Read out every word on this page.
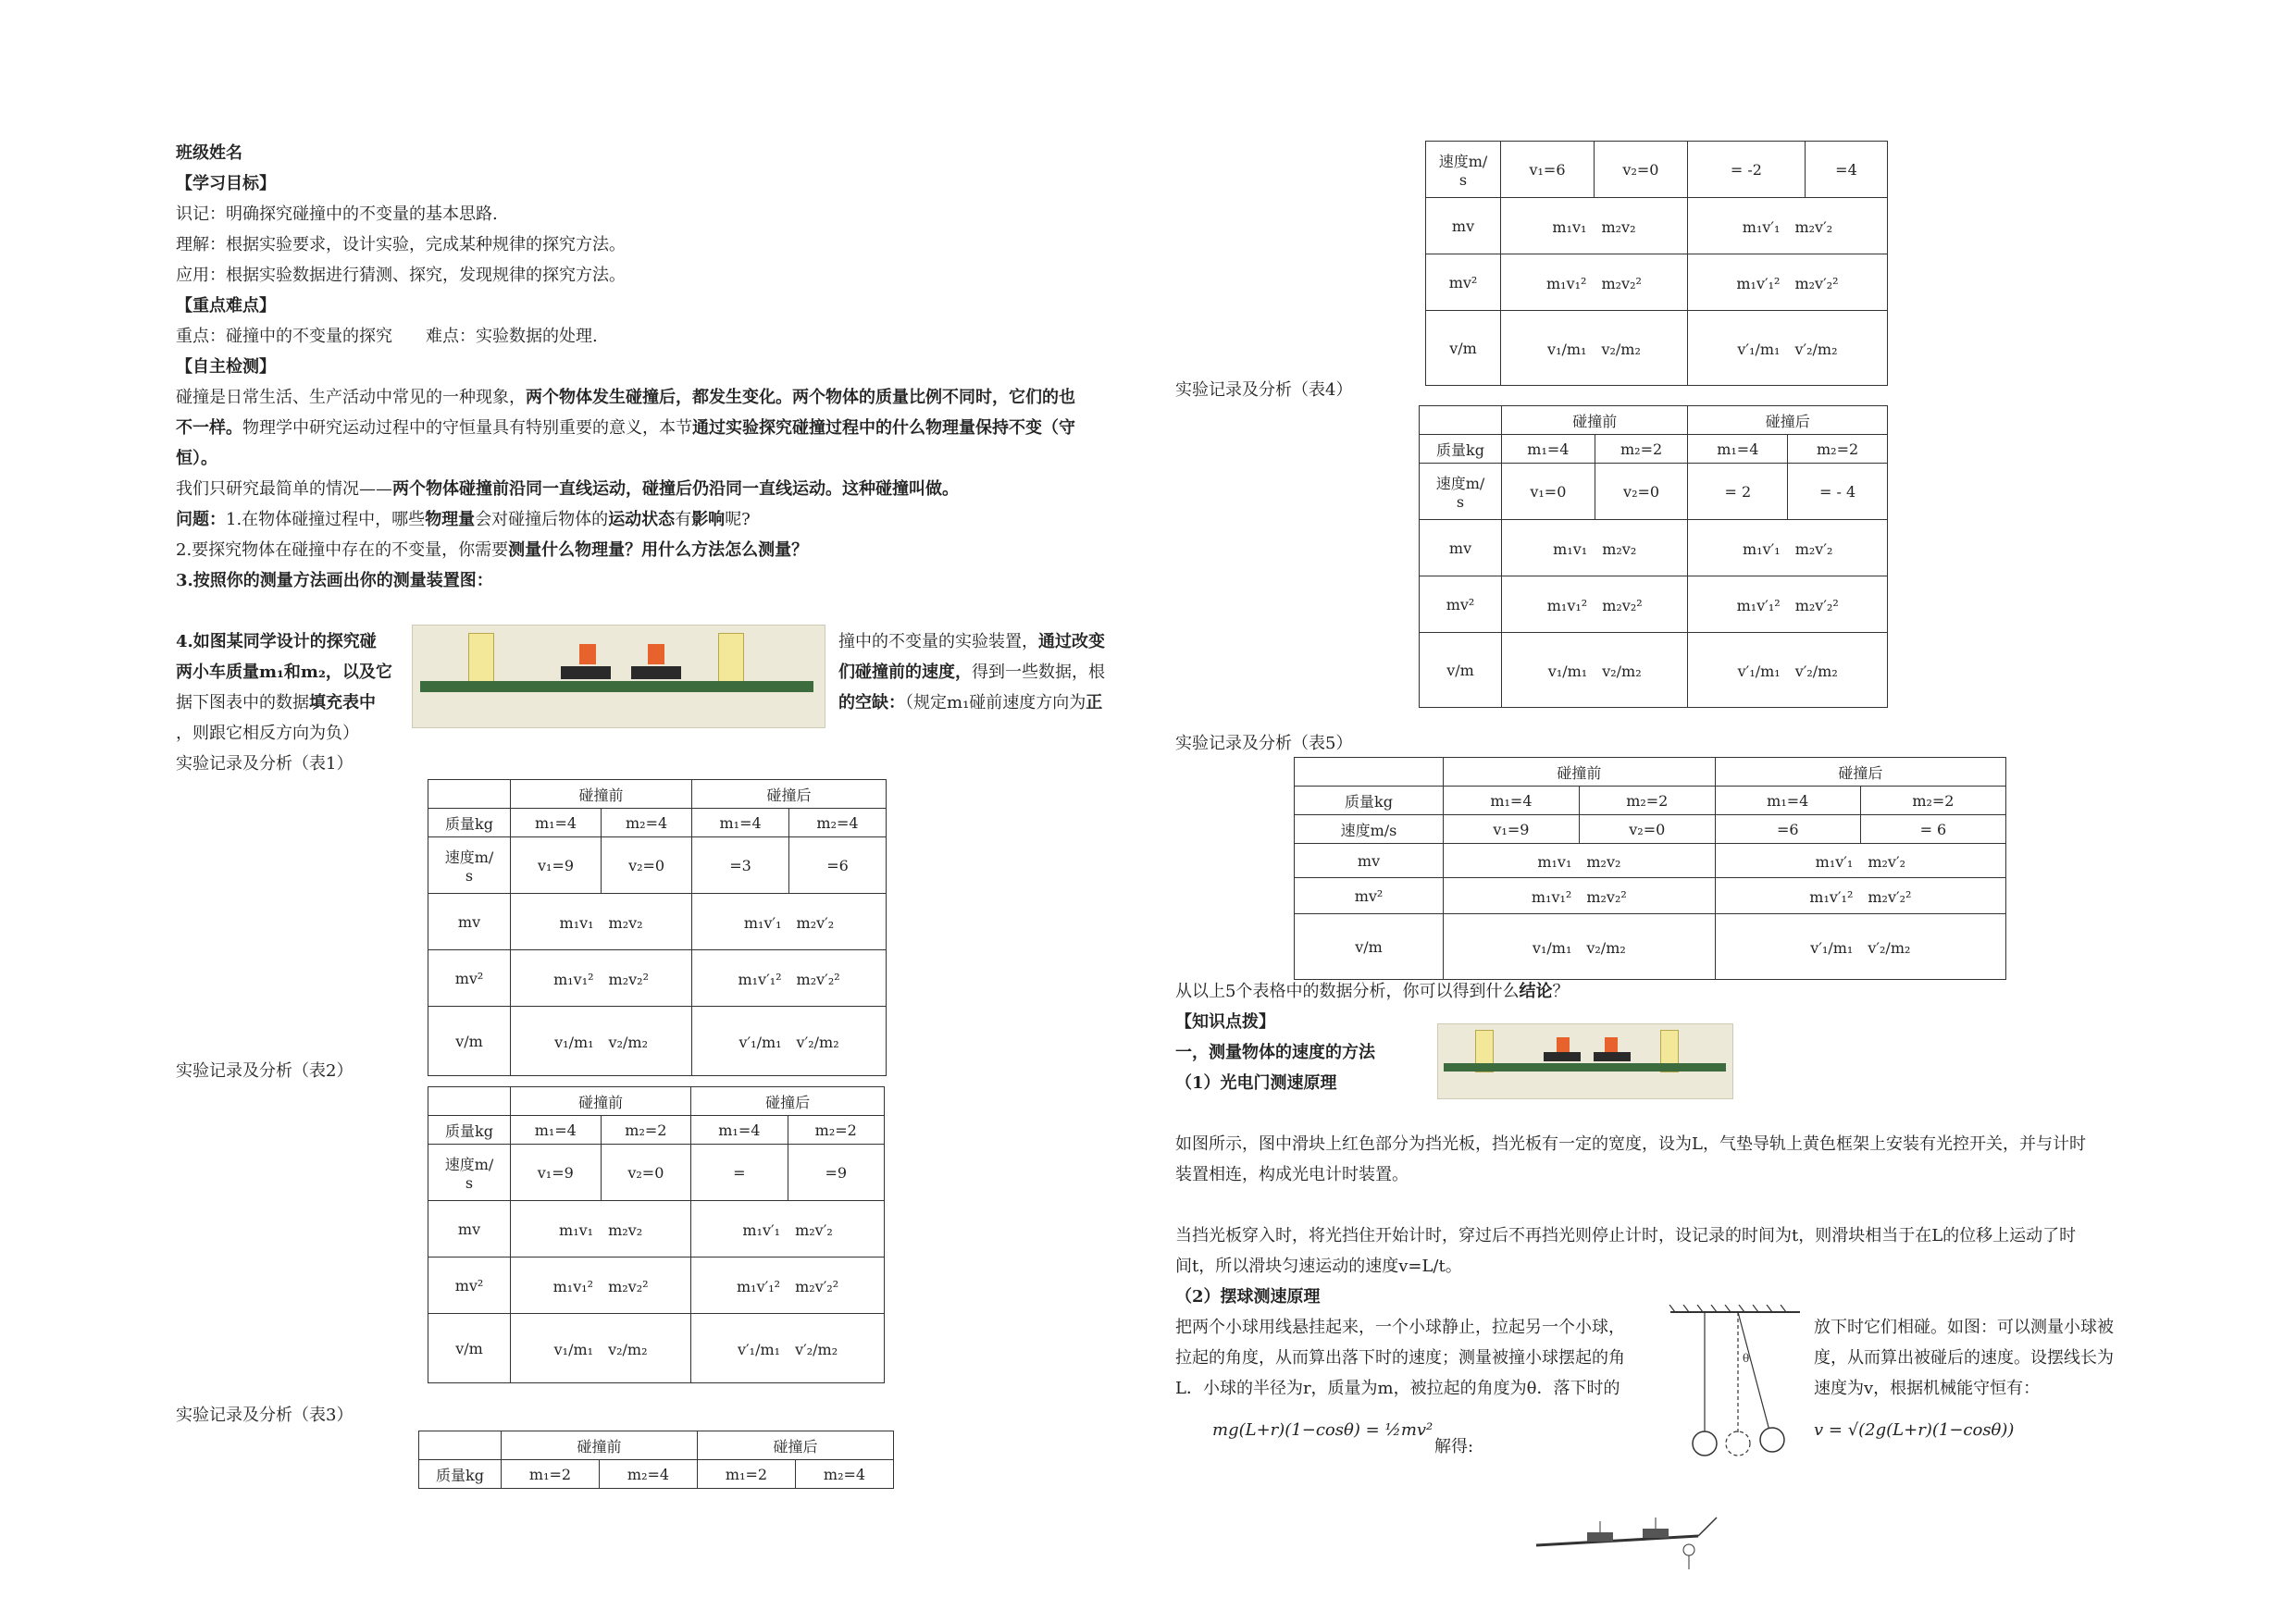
班级姓名
【学习目标】
识记：明确探究碰撞中的不变量的基本思路.
理解：根据实验要求，设计实验，完成某种规律的探究方法。
应用：根据实验数据进行猜测、探究，发现规律的探究方法。
【重点难点】
重点：碰撞中的不变量的探究　　难点：实验数据的处理.
【自主检测】
碰撞是日常生活、生产活动中常见的一种现象，两个物体发生碰撞后，都发生变化。两个物体的质量比例不同时，它们的也
不一样。物理学中研究运动过程中的守恒量具有特别重要的意义，本节通过实验探究碰撞过程中的什么物理量保持不变（守
恒）。
我们只研究最简单的情况——两个物体碰撞前沿同一直线运动，碰撞后仍沿同一直线运动。这种碰撞叫做。
问题：1.在物体碰撞过程中，哪些物理量会对碰撞后物体的运动状态有影响呢?
2.要探究物体在碰撞中存在的不变量，你需要测量什么物理量？用什么方法怎么测量？
3.按照你的测量方法画出你的测量装置图：
4.如图某同学设计的探究碰
两小车质量m₁和m₂，以及它
据下图表中的数据填充表中
，则跟它相反方向为负）
撞中的不变量的实验装置，通过改变
们碰撞前的速度，得到一些数据，根
的空缺：（规定m₁碰前速度方向为正
实验记录及分析（表1）
	碰撞前		碰撞后	
质量kg	m₁=4	m₂=4	m₁=4	m₂=4
速度m/
s	v₁=9	v₂=0	=3	=6
mv	m₁v₁　m₂v₂		m₁v′₁　m₂v′₂	
mv²	m₁v₁²　m₂v₂²		m₁v′₁²　m₂v′₂²	
v/m	v₁/m₁　v₂/m₂		v′₁/m₁　v′₂/m₂	
实验记录及分析（表2）
	碰撞前		碰撞后	
质量kg	m₁=4	m₂=2	m₁=4	m₂=2
速度m/
s	v₁=9	v₂=0	=	=9
mv	m₁v₁　m₂v₂		m₁v′₁　m₂v′₂	
mv²	m₁v₁²　m₂v₂²		m₁v′₁²　m₂v′₂²	
v/m	v₁/m₁　v₂/m₂		v′₁/m₁　v′₂/m₂	
实验记录及分析（表3）
	碰撞前		碰撞后	
质量kg	m₁=2	m₂=4	m₁=2	m₂=4
速度m/
s	v₁=6	v₂=0	= -2	=4
mv	m₁v₁　m₂v₂		m₁v′₁　m₂v′₂	
mv²	m₁v₁²　m₂v₂²		m₁v′₁²　m₂v′₂²	
v/m	v₁/m₁　v₂/m₂		v′₁/m₁　v′₂/m₂	
实验记录及分析（表4）
	碰撞前		碰撞后	
质量kg	m₁=4	m₂=2	m₁=4	m₂=2
速度m/
s	v₁=0	v₂=0	= 2	= - 4
mv	m₁v₁　m₂v₂		m₁v′₁　m₂v′₂	
mv²	m₁v₁²　m₂v₂²		m₁v′₁²　m₂v′₂²	
v/m	v₁/m₁　v₂/m₂		v′₁/m₁　v′₂/m₂	
实验记录及分析（表5）
	碰撞前		碰撞后	
质量kg	m₁=4	m₂=2	m₁=4	m₂=2
速度m/s	v₁=9	v₂=0	=6	= 6
mv	m₁v₁　m₂v₂		m₁v′₁　m₂v′₂	
mv²	m₁v₁²　m₂v₂²		m₁v′₁²　m₂v′₂²	
v/m	v₁/m₁　v₂/m₂		v′₁/m₁　v′₂/m₂	
从以上5个表格中的数据分析，你可以得到什么结论？
【知识点拨】
一，测量物体的速度的方法
（1）光电门测速原理
如图所示，图中滑块上红色部分为挡光板，挡光板有一定的宽度，设为L，气垫导轨上黄色框架上安装有光控开关，并与计时
装置相连，构成光电计时装置。
当挡光板穿入时，将光挡住开始计时，穿过后不再挡光则停止计时，设记录的时间为t，则滑块相当于在L的位移上运动了时
间t，所以滑块匀速运动的速度v=L/t。
（2）摆球测速原理
把两个小球用线悬挂起来，一个小球静止，拉起另一个小球，
拉起的角度，从而算出落下时的速度；测量被撞小球摆起的角
L．小球的半径为r，质量为m，被拉起的角度为θ．落下时的
θ
放下时它们相碰。如图：可以测量小球被
度，从而算出被碰后的速度。设摆线长为
速度为v，根据机械能守恒有：
mg(L+r)(1−cosθ) = ½mv²
解得:
v = √(2g(L+r)(1−cosθ))
